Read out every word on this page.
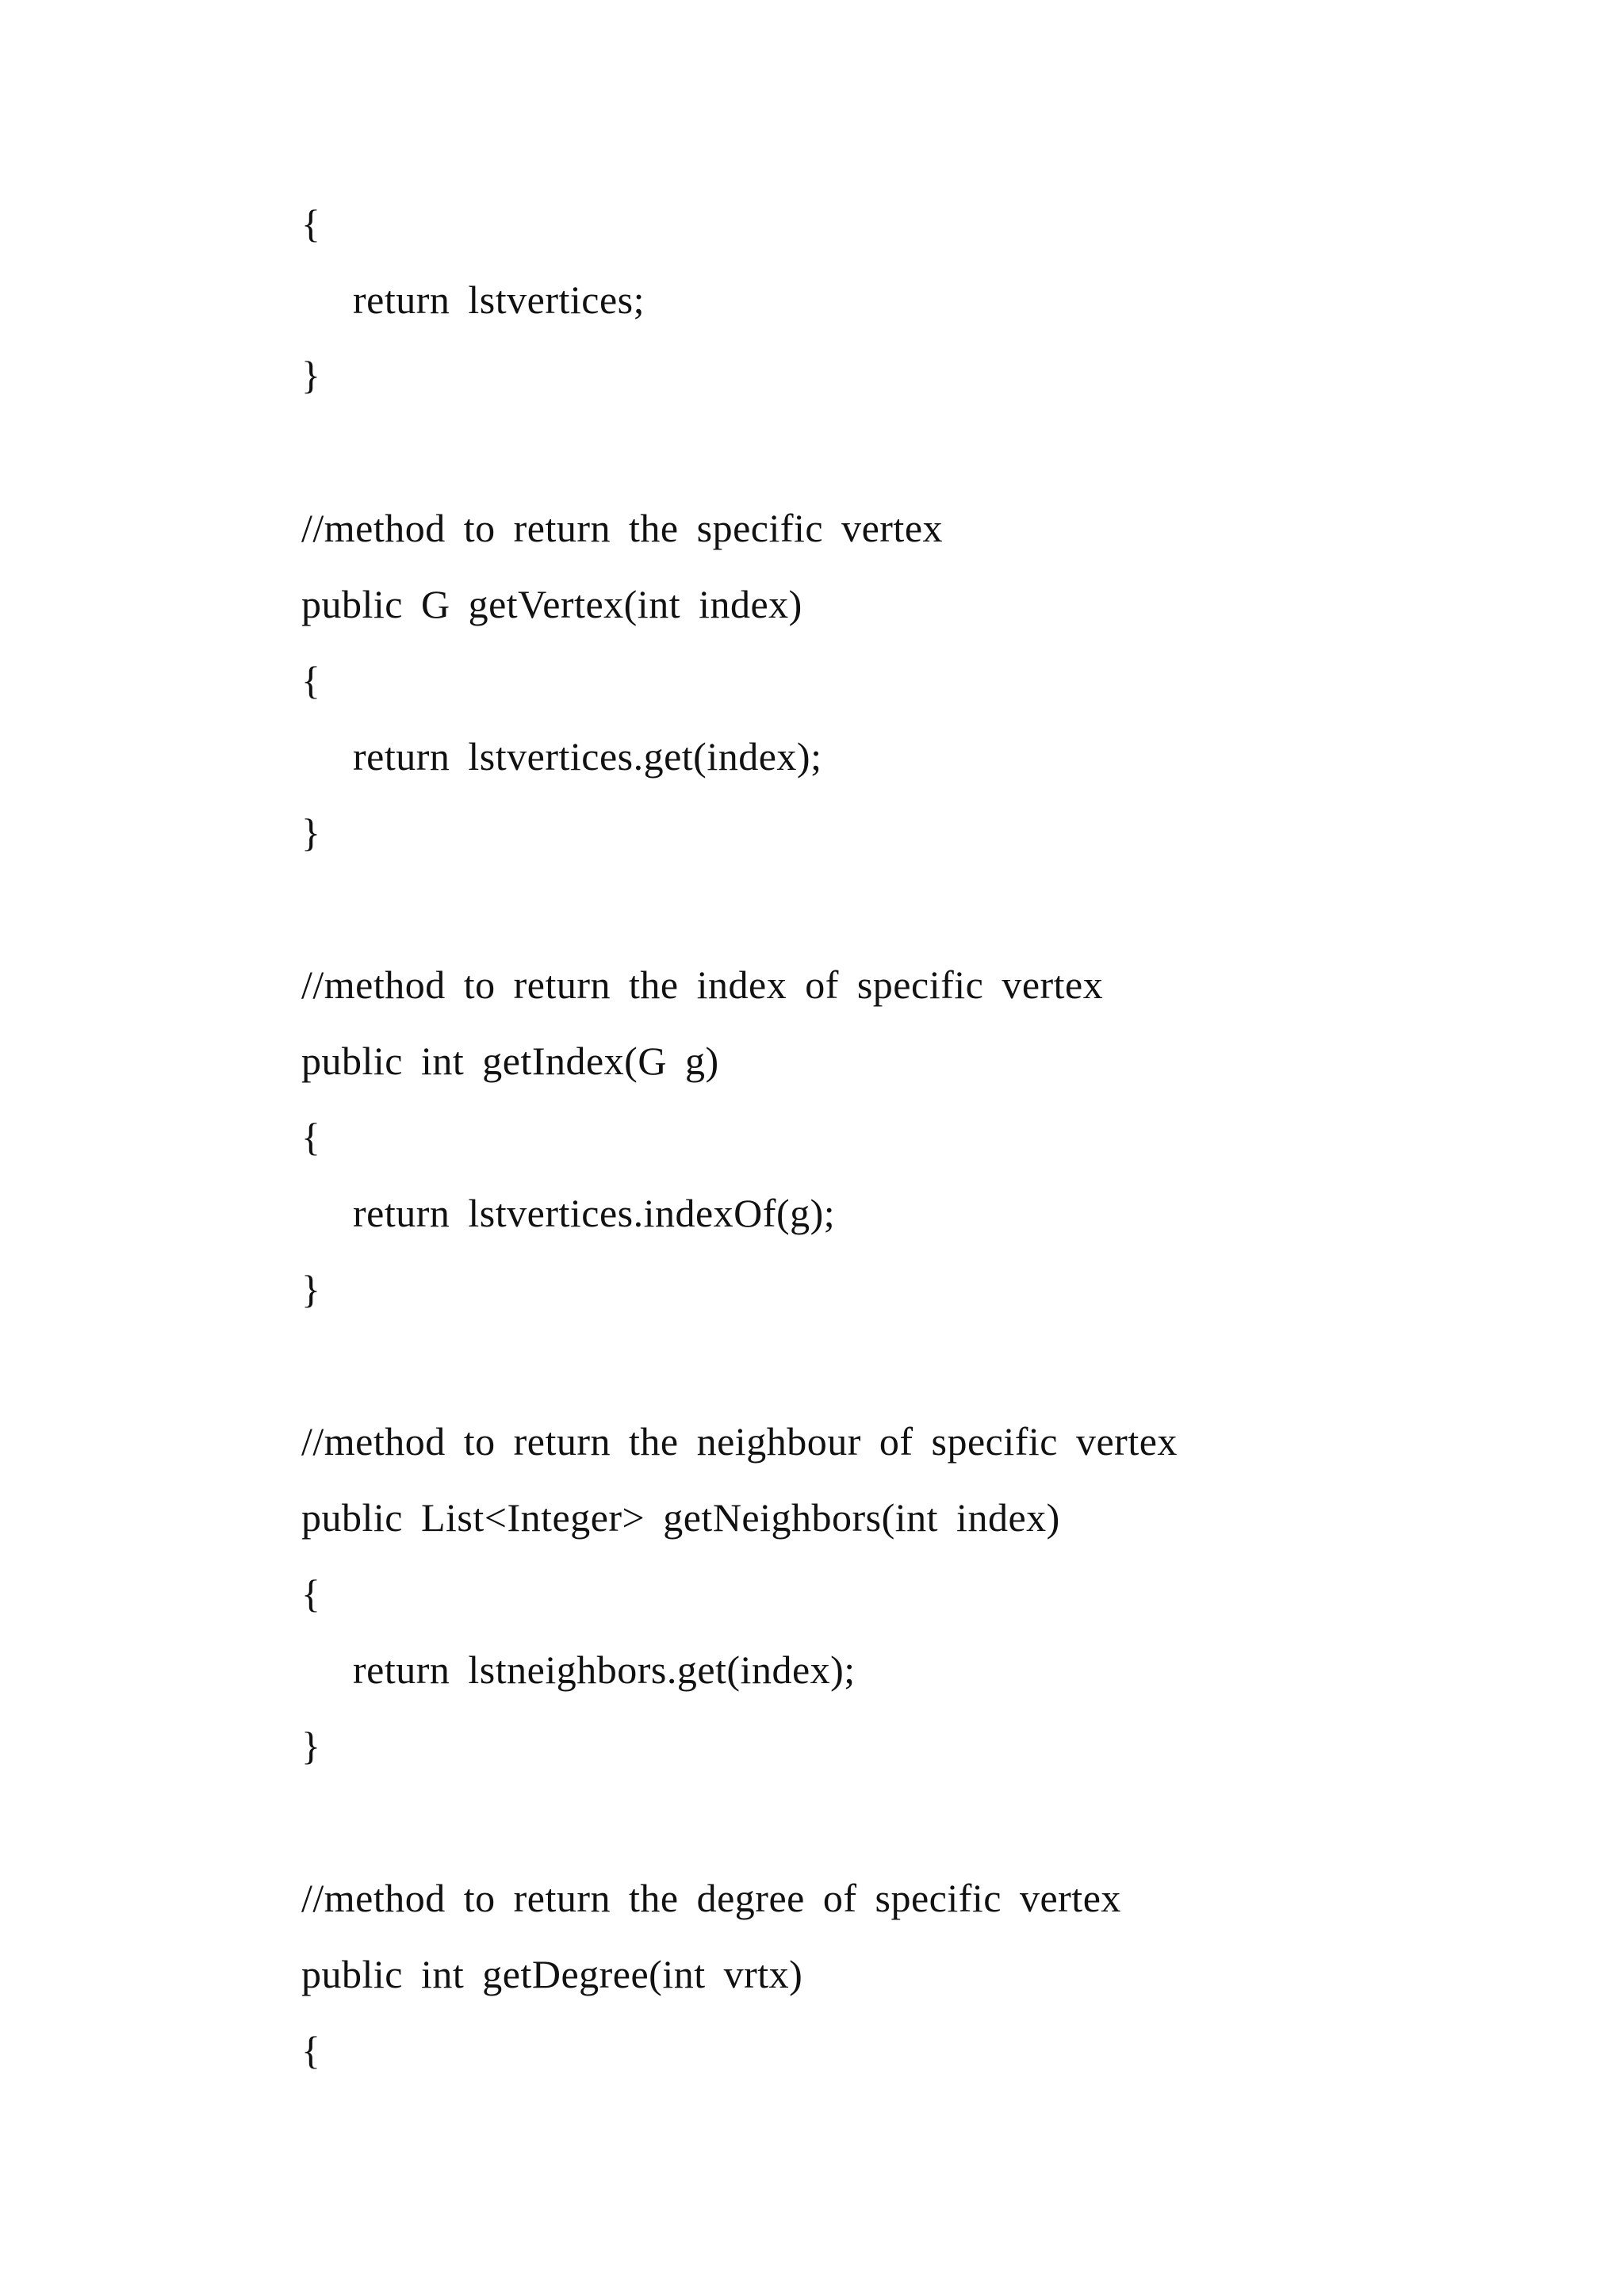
{

return lstvertices;

}

//method to return the specific vertex

public G getVertex(int index)

{

return lstvertices.get(index);

}

//method to return the index of specific vertex

public int getIndex(G g)

{

return lstvertices.indexOf(g);

}

//method to return the neighbour of specific vertex

public List<Integer> getNeighbors(int index)

{

return lstneighbors.get(index);

}

//method to return the degree of specific vertex

public int getDegree(int vrtx)

{
